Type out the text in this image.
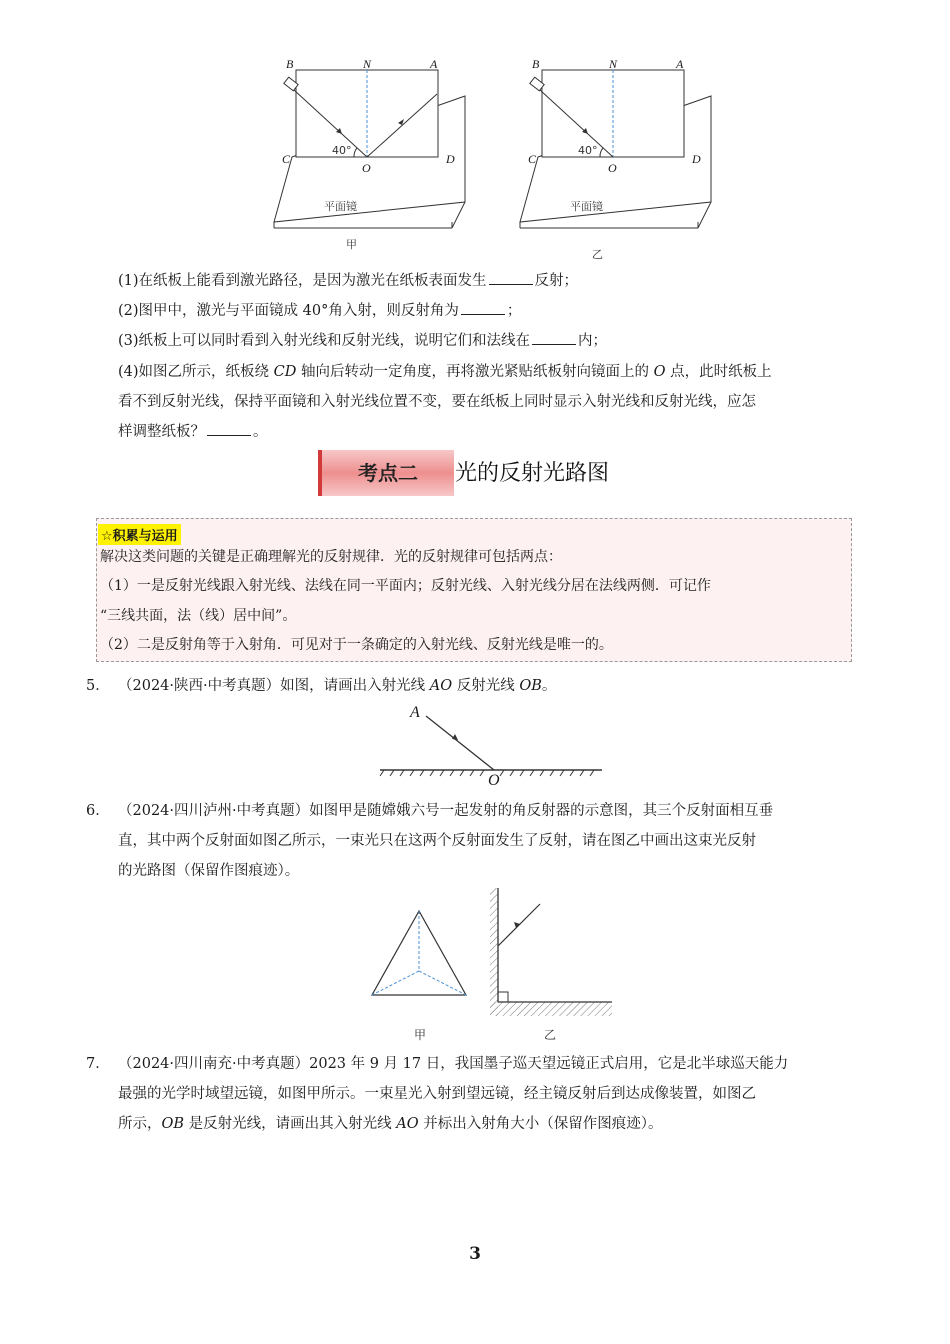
B	N	A
C	D
O
40°
平面镜
甲
B	N	A
C	D
O
40°
平面镜
乙
(1)在纸板上能看到激光路径，是因为激光在纸板表面发生	反射；
(2)图甲中，激光与平面镜成 40°角入射，则反射角为	；
(3)纸板上可以同时看到入射光线和反射光线，说明它们和法线在	内；
(4)如图乙所示，纸板绕 CD 轴向后转动一定角度，再将激光紧贴纸板射向镜面上的 O 点，此时纸板上
看不到反射光线，保持平面镜和入射光线位置不变，要在纸板上同时显示入射光线和反射光线，应怎
样调整纸板？	。
考点二	光的反射光路图
☆积累与运用
解决这类问题的关键是正确理解光的反射规律．光的反射规律可包括两点：
（1）一是反射光线跟入射光线、法线在同一平面内；反射光线、入射光线分居在法线两侧．可记作
“三线共面，法（线）居中间”。
（2）二是反射角等于入射角．可见对于一条确定的入射光线、反射光线是唯一的。
5． （2024·陕西·中考真题）如图，请画出入射光线 AO 反射光线 OB。
A
O
6． （2024·四川泸州·中考真题）如图甲是随嫦娥六号一起发射的角反射器的示意图，其三个反射面相互垂
直，其中两个反射面如图乙所示，一束光只在这两个反射面发生了反射，请在图乙中画出这束光反射
的光路图（保留作图痕迹）。
甲	乙
7． （2024·四川南充·中考真题）2023 年 9 月 17 日，我国墨子巡天望远镜正式启用，它是北半球巡天能力
最强的光学时域望远镜，如图甲所示。一束星光入射到望远镜，经主镜反射后到达成像装置，如图乙
所示，OB 是反射光线，请画出其入射光线 AO 并标出入射角大小（保留作图痕迹）。
3
